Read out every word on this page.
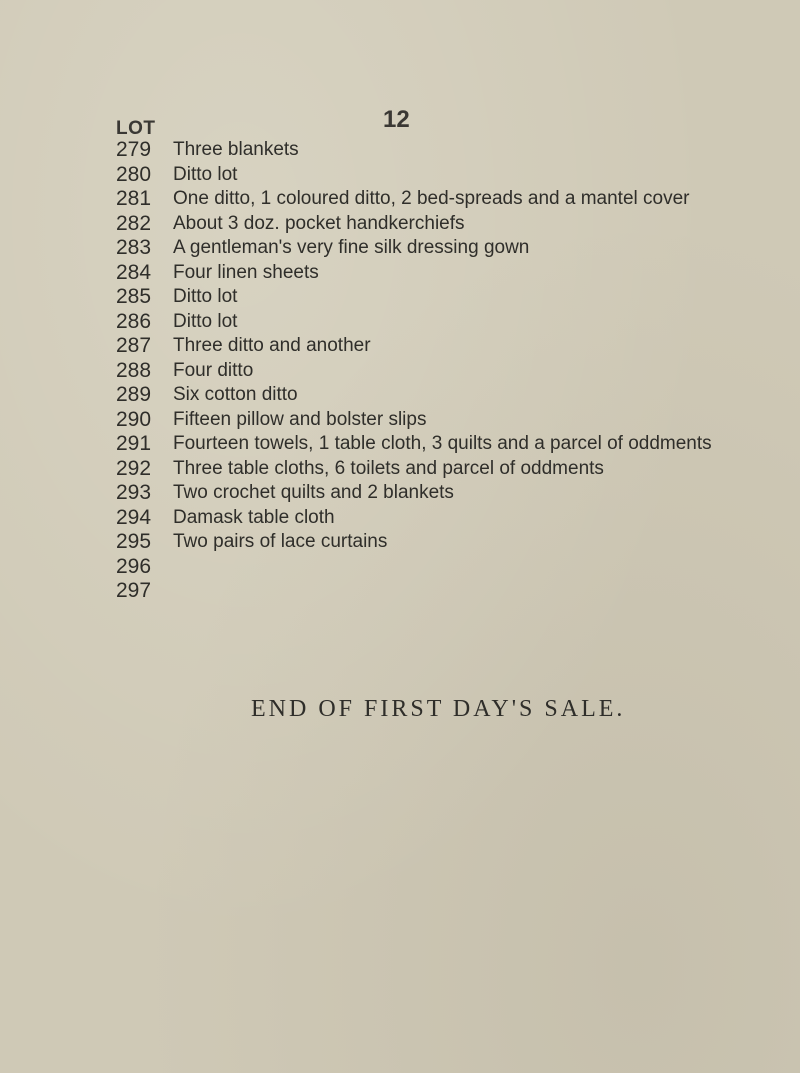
12
LOT
279
280
281
282
283
284
285
286
287
288
289
290
291
292
293
294
295
296
297
Three blankets
Ditto lot
One ditto, 1 coloured ditto, 2 bed-spreads and a mantel cover
About 3 doz. pocket handkerchiefs
A gentleman's very fine silk dressing gown
Four linen sheets
Ditto lot
Ditto lot
Three ditto and another
Four ditto
Six cotton ditto
Fifteen pillow and bolster slips
Fourteen towels, 1 table cloth, 3 quilts and a parcel of oddments
Three table cloths, 6 toilets and parcel of oddments
Two crochet quilts and 2 blankets
Damask table cloth
Two pairs of lace curtains
END OF FIRST DAY'S SALE.
